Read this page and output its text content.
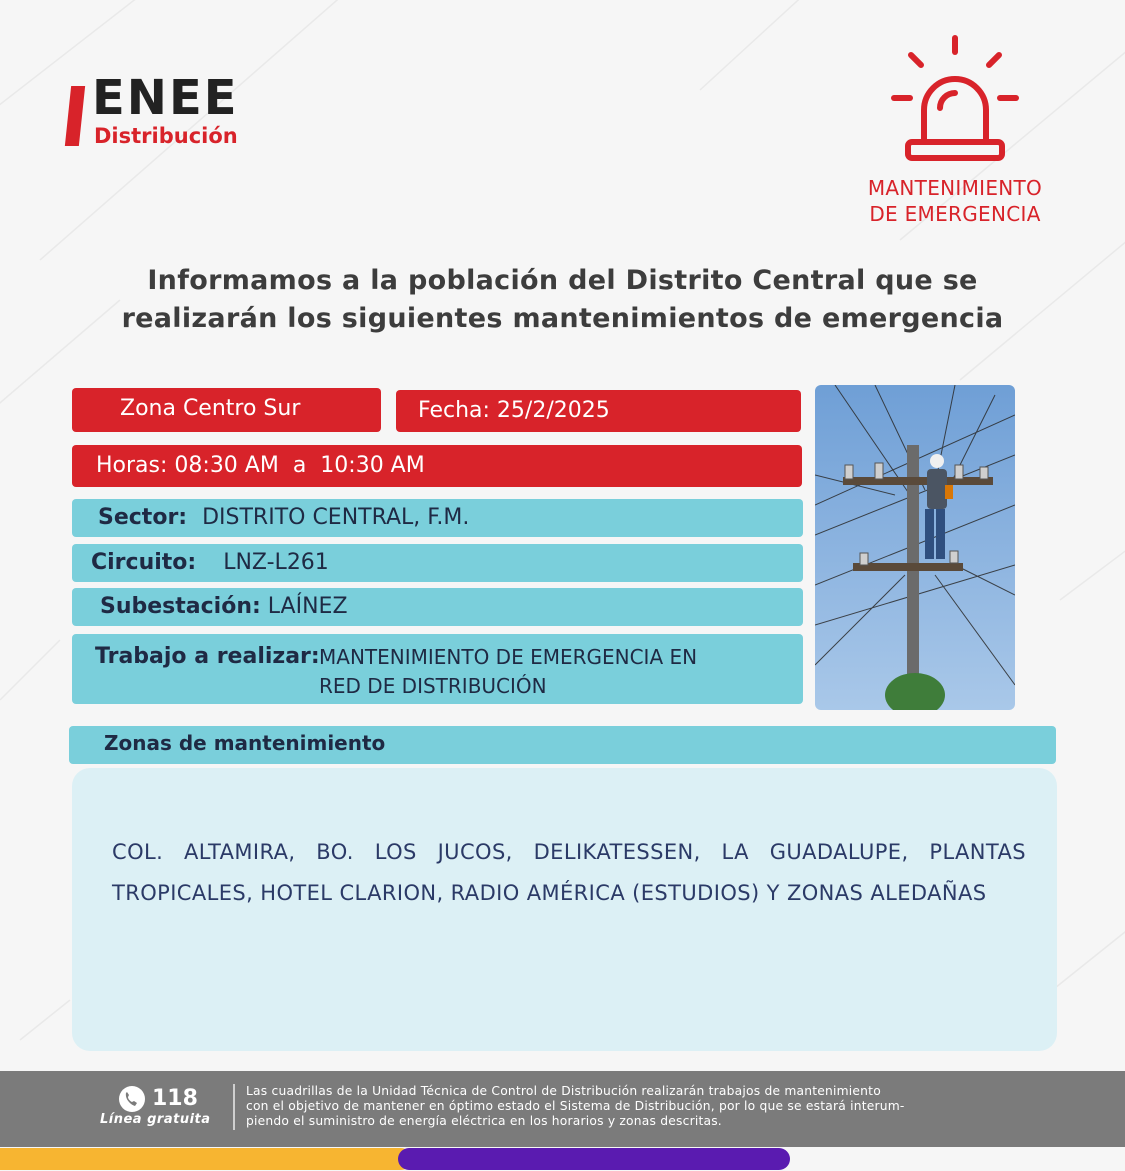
ENEE
Distribución
MANTENIMIENTO
DE EMERGENCIA
Informamos a la población del Distrito Central que se
realizarán los siguientes mantenimientos de emergencia
Zona Centro Sur	Fecha: 25/2/2025
Horas: 08:30 AM  a  10:30 AM
Sector: DISTRITO CENTRAL, F.M.
Circuito: LNZ-L261
Subestación: LAÍNEZ
Trabajo a realizar: MANTENIMIENTO DE EMERGENCIA EN
RED DE DISTRIBUCIÓN
Zonas de mantenimiento
COL. ALTAMIRA, BO. LOS JUCOS, DELIKATESSEN, LA GUADALUPE, PLANTAS TROPICALES, HOTEL CLARION, RADIO AMÉRICA (ESTUDIOS) Y ZONAS ALEDAÑAS
118
Línea gratuita
Las cuadrillas de la Unidad Técnica de Control de Distribución realizarán trabajos de mantenimiento
con el objetivo de mantener en óptimo estado el Sistema de Distribución, por lo que se estará interum-
piendo el suministro de energía eléctrica en los horarios y zonas descritas.
